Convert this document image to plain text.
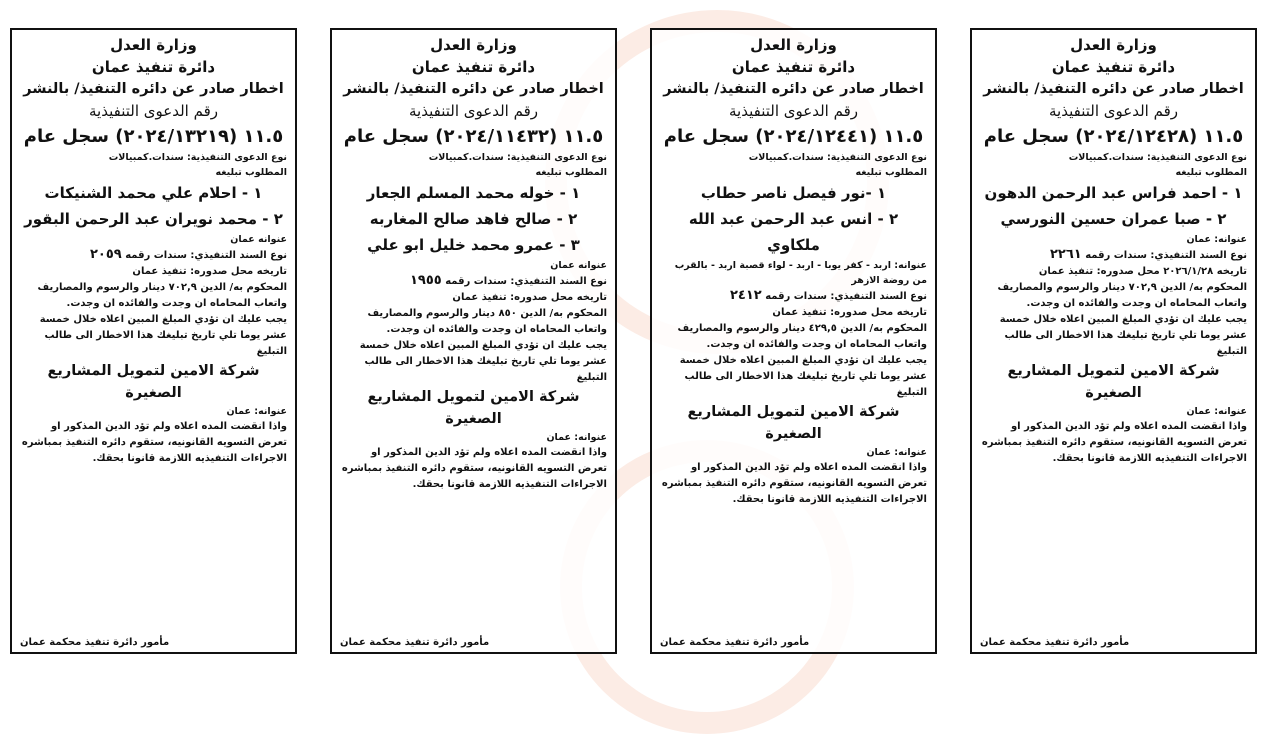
وزارة العدل
دائرة تنفيذ عمان
اخطار صادر عن دائره التنفيذ/ بالنشر
رقم الدعوى التنفيذية
١١.٥ (٢٠٢٤/١٢٤٢٨) سجل عام
نوع الدعوى التنفيذية: سندات.كمبيالات
المطلوب تبليغه
١ - احمد فراس عبد الرحمن الدهون
٢ - صبا عمران حسين النورسي
عنوانه: عمان
نوع السند التنفيذي: سندات رقمه ٢٢٦١
تاريخه ٢٠٢٦/١/٢٨ محل صدوره: تنفيذ عمان
المحكوم به/ الدين ٧٠٢,٩ دينار والرسوم والمصاريف واتعاب المحاماه ان وجدت والفائده ان وجدت.
يجب عليك ان تؤدي المبلغ المبين اعلاه خلال خمسة عشر يوما تلي تاريخ تبليغك هذا الاخطار الى طالب التبليغ
شركة الامين لتمويل المشاريع الصغيرة
عنوانه: عمان
واذا انقضت المده اعلاه ولم تؤد الدين المذكور او تعرض التسويه القانونيه، ستقوم دائره التنفيذ بمباشره الاجراءات التنفيذيه اللازمة قانونا بحقك.
مأمور دائرة تنفيذ محكمة عمان
وزارة العدل
دائرة تنفيذ عمان
اخطار صادر عن دائره التنفيذ/ بالنشر
رقم الدعوى التنفيذية
١١.٥ (٢٠٢٤/١٢٤٤١) سجل عام
نوع الدعوى التنفيذية: سندات.كمبيالات
المطلوب تبليغه
١ -نور فيصل ناصر حطاب
٢ - انس عبد الرحمن عبد الله ملكاوي
عنوانه: اربد - كفر يوبا - اربد - لواء قصبة اربد - بالقرب من روضة الازهر
نوع السند التنفيذي: سندات رقمه ٢٤١٢
تاريخه محل صدوره: تنفيذ عمان
المحكوم به/ الدين ٤٢٩,٥ دينار والرسوم والمصاريف واتعاب المحاماه ان وجدت والفائده ان وجدت.
يجب عليك ان تؤدي المبلغ المبين اعلاه خلال خمسة عشر يوما تلي تاريخ تبليغك هذا الاخطار الى طالب التبليغ
شركة الامين لتمويل المشاريع الصغيرة
عنوانه: عمان
واذا انقضت المده اعلاه ولم تؤد الدين المذكور او تعرض التسويه القانونيه، ستقوم دائره التنفيذ بمباشره الاجراءات التنفيذيه اللازمة قانونا بحقك.
مأمور دائرة تنفيذ محكمة عمان
وزارة العدل
دائرة تنفيذ عمان
اخطار صادر عن دائره التنفيذ/ بالنشر
رقم الدعوى التنفيذية
١١.٥ (٢٠٢٤/١١٤٣٢) سجل عام
نوع الدعوى التنفيذية: سندات.كمبيالات
المطلوب تبليغه
١ - خوله محمد المسلم الجعار
٢ - صالح فاهد صالح المغاربه
٣ - عمرو محمد خليل ابو علي
عنوانه عمان
نوع السند التنفيذي: سندات رقمه ١٩٥٥
تاريخه محل صدوره: تنفيذ عمان
المحكوم به/ الدين ٨٥٠ دينار والرسوم والمصاريف واتعاب المحاماه ان وجدت والفائده ان وجدت.
يجب عليك ان تؤدي المبلغ المبين اعلاه خلال خمسة عشر يوما تلي تاريخ تبليغك هذا الاخطار الى طالب التبليغ
شركة الامين لتمويل المشاريع الصغيرة
عنوانه: عمان
واذا انقضت المده اعلاه ولم تؤد الدين المذكور او تعرض التسويه القانونيه، ستقوم دائره التنفيذ بمباشره الاجراءات التنفيذيه اللازمة قانونا بحقك.
مأمور دائرة تنفيذ محكمة عمان
وزارة العدل
دائرة تنفيذ عمان
اخطار صادر عن دائره التنفيذ/ بالنشر
رقم الدعوى التنفيذية
١١.٥ (٢٠٢٤/١٣٢١٩) سجل عام
نوع الدعوى التنفيذية: سندات.كمبيالات
المطلوب تبليغه
١ - احلام علي محمد الشنيكات
٢ - محمد نويران عبد الرحمن البقور
عنوانه عمان
نوع السند التنفيذي: سندات رقمه ٢٠٥٩
تاريخه محل صدوره: تنفيذ عمان
المحكوم به/ الدين ٧٠٢,٩ دينار والرسوم والمصاريف واتعاب المحاماه ان وجدت والفائده ان وجدت.
يجب عليك ان تؤدي المبلغ المبين اعلاه خلال خمسة عشر يوما تلي تاريخ تبليغك هذا الاخطار الى طالب التبليغ
شركة الامين لتمويل المشاريع الصغيرة
عنوانه: عمان
واذا انقضت المده اعلاه ولم تؤد الدين المذكور او تعرض التسويه القانونيه، ستقوم دائره التنفيذ بمباشره الاجراءات التنفيذيه اللازمة قانونا بحقك.
مأمور دائرة تنفيذ محكمة عمان
